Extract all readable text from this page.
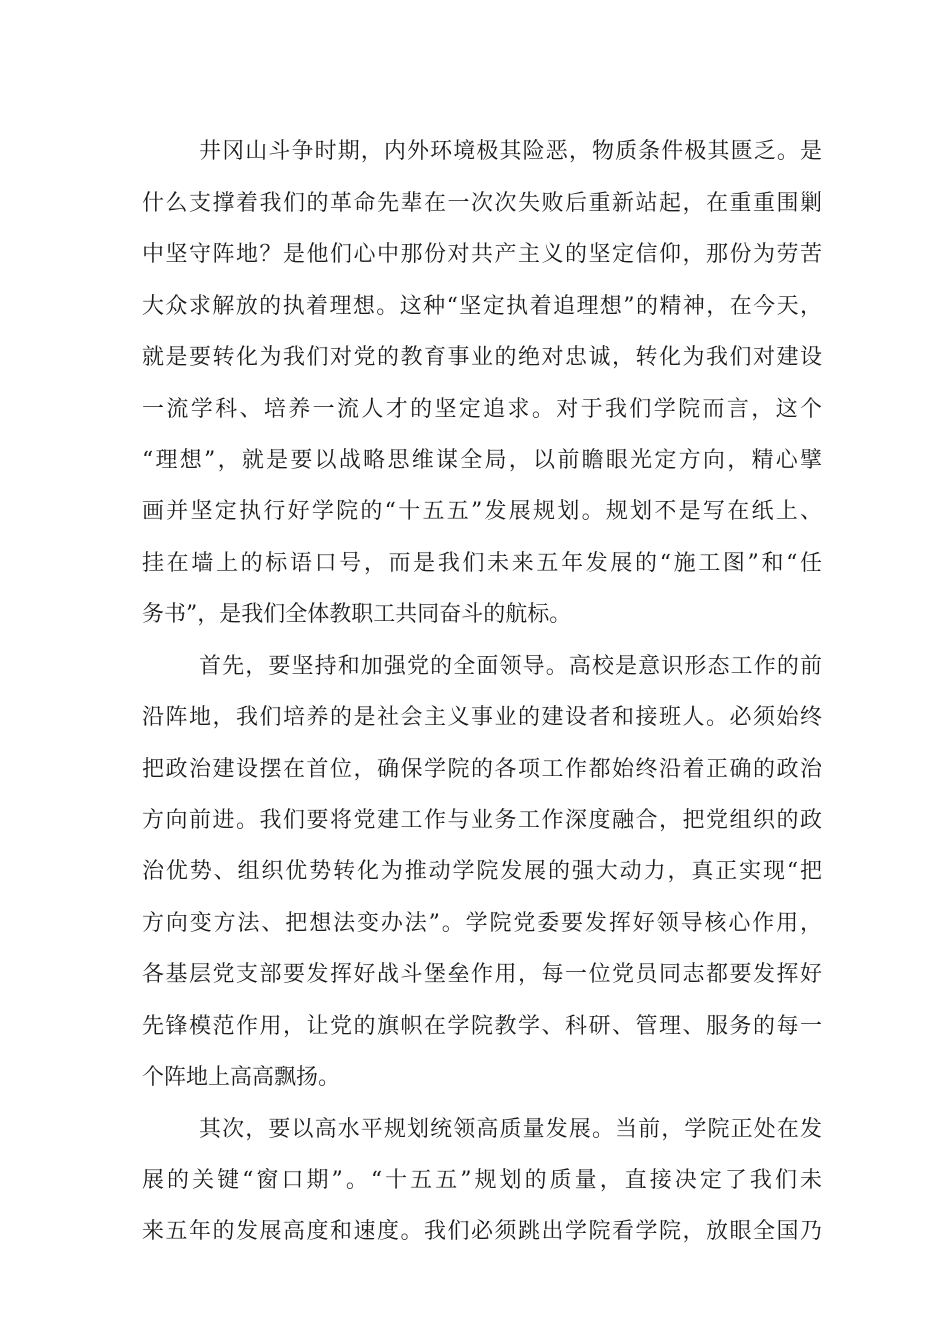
井冈山斗争时期，内外环境极其险恶，物质条件极其匮乏。是
什么支撑着我们的革命先辈在一次次失败后重新站起，在重重围剿
中坚守阵地？是他们心中那份对共产主义的坚定信仰，那份为劳苦
大众求解放的执着理想。这种“坚定执着追理想”的精神，在今天，
就是要转化为我们对党的教育事业的绝对忠诚，转化为我们对建设
一流学科、培养一流人才的坚定追求。对于我们学院而言，这个
“理想”，就是要以战略思维谋全局，以前瞻眼光定方向，精心擘
画并坚定执行好学院的“十五五”发展规划。规划不是写在纸上、
挂在墙上的标语口号，而是我们未来五年发展的“施工图”和“任
务书”，是我们全体教职工共同奋斗的航标。
首先，要坚持和加强党的全面领导。高校是意识形态工作的前
沿阵地，我们培养的是社会主义事业的建设者和接班人。必须始终
把政治建设摆在首位，确保学院的各项工作都始终沿着正确的政治
方向前进。我们要将党建工作与业务工作深度融合，把党组织的政
治优势、组织优势转化为推动学院发展的强大动力，真正实现“把
方向变方法、把想法变办法”。学院党委要发挥好领导核心作用，
各基层党支部要发挥好战斗堡垒作用，每一位党员同志都要发挥好
先锋模范作用，让党的旗帜在学院教学、科研、管理、服务的每一
个阵地上高高飘扬。
其次，要以高水平规划统领高质量发展。当前，学院正处在发
展的关键“窗口期”。“十五五”规划的质量，直接决定了我们未
来五年的发展高度和速度。我们必须跳出学院看学院，放眼全国乃
